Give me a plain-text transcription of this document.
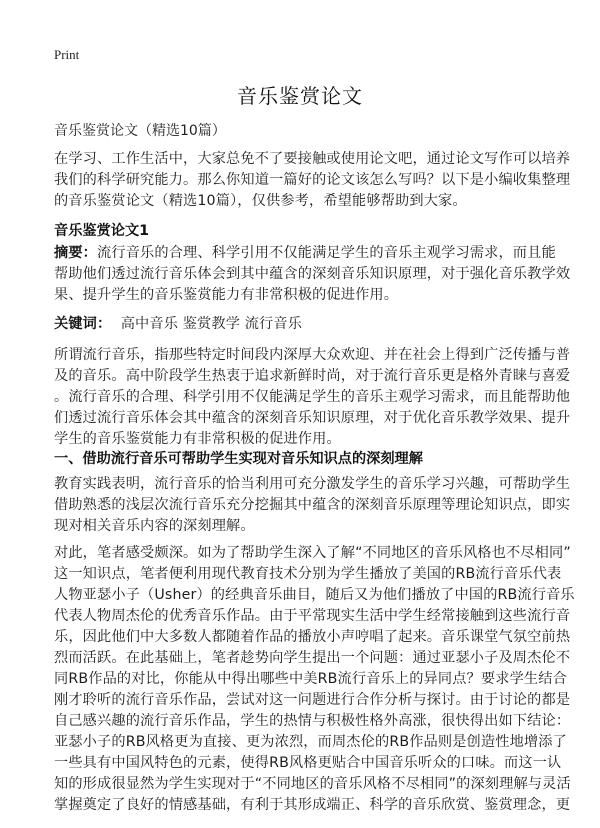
Print
音乐鉴赏论文
音乐鉴赏论文（精选10篇）
在学习、工作生活中，大家总免不了要接触或使用论文吧，通过论文写作可以培养
我们的科学研究能力。那么你知道一篇好的论文该怎么写吗？以下是小编收集整理
的音乐鉴赏论文（精选10篇），仅供参考，希望能够帮助到大家。
音乐鉴赏论文1
摘要：流行音乐的合理、科学引用不仅能满足学生的音乐主观学习需求，而且能
帮助他们透过流行音乐体会到其中蕴含的深刻音乐知识原理，对于强化音乐教学效
果、提升学生的音乐鉴赏能力有非常积极的促进作用。
关键词： 高中音乐 鉴赏教学 流行音乐
所谓流行音乐，指那些特定时间段内深厚大众欢迎、并在社会上得到广泛传播与普
及的音乐。高中阶段学生热衷于追求新鲜时尚，对于流行音乐更是格外青睐与喜爱
。流行音乐的合理、科学引用不仅能满足学生的音乐主观学习需求，而且能帮助他
们透过流行音乐体会其中蕴含的深刻音乐知识原理，对于优化音乐教学效果、提升
学生的音乐鉴赏能力有非常积极的促进作用。
一、借助流行音乐可帮助学生实现对音乐知识点的深刻理解
教育实践表明，流行音乐的恰当利用可充分激发学生的音乐学习兴趣，可帮助学生
借助熟悉的浅层次流行音乐充分挖掘其中蕴含的深刻音乐原理等理论知识点，即实
现对相关音乐内容的深刻理解。
对此，笔者感受颇深。如为了帮助学生深入了解“不同地区的音乐风格也不尽相同”
这一知识点，笔者便利用现代教育技术分别为学生播放了美国的RB流行音乐代表
人物亚瑟小子（Usher）的经典音乐曲目，随后又为他们播放了中国的RB流行音乐
代表人物周杰伦的优秀音乐作品。由于平常现实生活中学生经常接触到这些流行音
乐，因此他们中大多数人都随着作品的播放小声哼唱了起来。音乐课堂气氛空前热
烈而活跃。在此基础上，笔者趁势向学生提出一个问题：通过亚瑟小子及周杰伦不
同RB作品的对比，你能从中得出哪些中美RB流行音乐上的异同点？要求学生结合
刚才聆听的流行音乐作品，尝试对这一问题进行合作分析与探讨。由于讨论的都是
自己感兴趣的流行音乐作品，学生的热情与积极性格外高涨，很快得出如下结论：
亚瑟小子的RB风格更为直接、更为浓烈，而周杰伦的RB作品则是创造性地增添了
一些具有中国风特色的元素，使得RB风格更贴合中国音乐听众的口味。而这一认
知的形成很显然为学生实现对于“不同地区的音乐风格不尽相同”的深刻理解与灵活
掌握奠定了良好的情感基础，有利于其形成端正、科学的音乐欣赏、鉴赏理念，更
